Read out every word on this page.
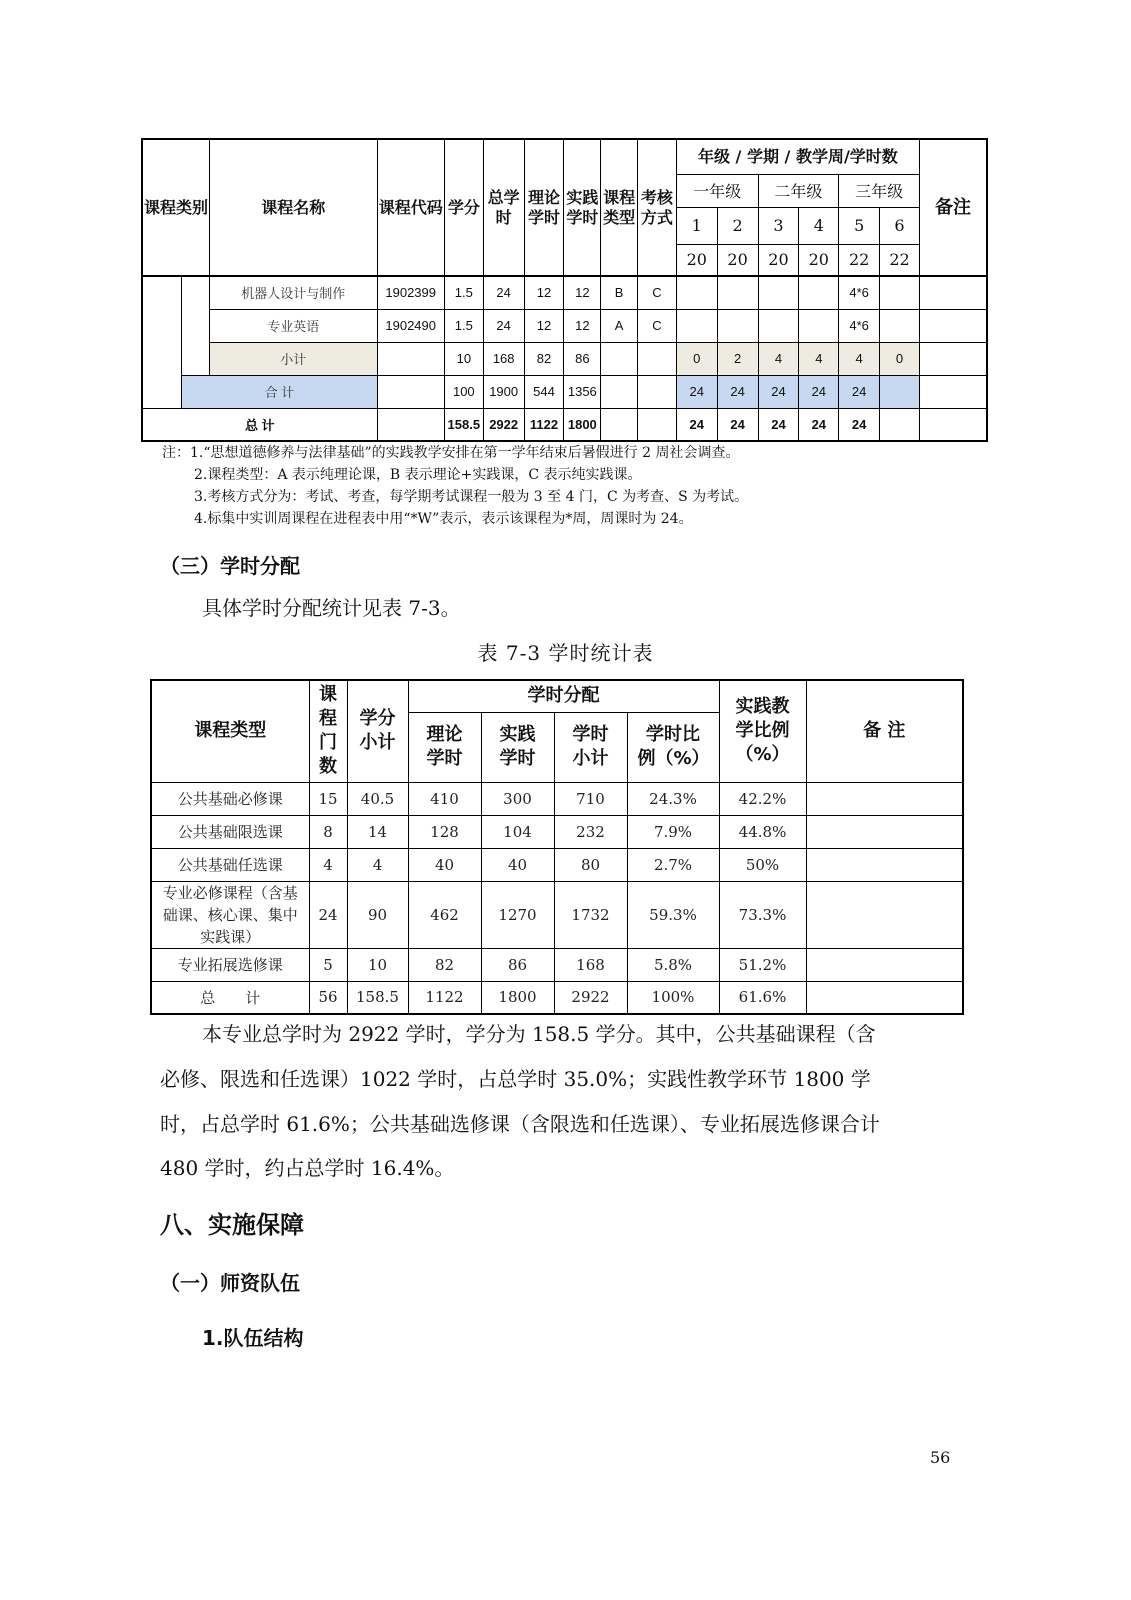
课程类别		课程名称	课程代码	学分	总学时	理论学时	实践学时	课程类型	考核方式	年级 / 学期 / 教学周/学时数						备注
										一年级		二年级		三年级		
										1	2	3	4	5	6	
										20	20	20	20	22	22	
		机器人设计与制作	1902399	1.5	24	12	12	B	C					4*6		
		专业英语	1902490	1.5	24	12	12	A	C					4*6		
		小计		10	168	82	86			0	2	4	4	4	0	
	合 计			100	1900	544	1356			24	24	24	24	24		
总 计				158.5	2922	1122	1800			24	24	24	24	24		
注：1.“思想道德修养与法律基础”的实践教学安排在第一学年结束后暑假进行 2 周社会调查。
2.课程类型：A 表示纯理论课，B 表示理论+实践课，C 表示纯实践课。
3.考核方式分为：考试、考查，每学期考试课程一般为 3 至 4 门，C 为考查、S 为考试。
4.标集中实训周课程在进程表中用“*W”表示，表示该课程为*周，周课时为 24。
（三）学时分配
具体学时分配统计见表 7-3。
表 7-3 学时统计表
课程类型	课程门数	学分小计	学时分配				实践教学比例（%）	备 注
			理论学时	实践学时	学时小计	学时比例（%）		
公共基础必修课	15	40.5	410	300	710	24.3%	42.2%	
公共基础限选课	8	14	128	104	232	7.9%	44.8%	
公共基础任选课	4	4	40	40	80	2.7%	50%	
专业必修课程（含基础课、核心课、集中实践课）	24	90	462	1270	1732	59.3%	73.3%	
专业拓展选修课	5	10	82	86	168	5.8%	51.2%	
总　　计	56	158.5	1122	1800	2922	100%	61.6%	
本专业总学时为 2922 学时，学分为 158.5 学分。其中，公共基础课程（含
必修、限选和任选课）1022 学时，占总学时 35.0%；实践性教学环节 1800 学
时，占总学时 61.6%；公共基础选修课（含限选和任选课）、专业拓展选修课合计
480 学时，约占总学时 16.4%。
八、实施保障
（一）师资队伍
1.队伍结构
56
